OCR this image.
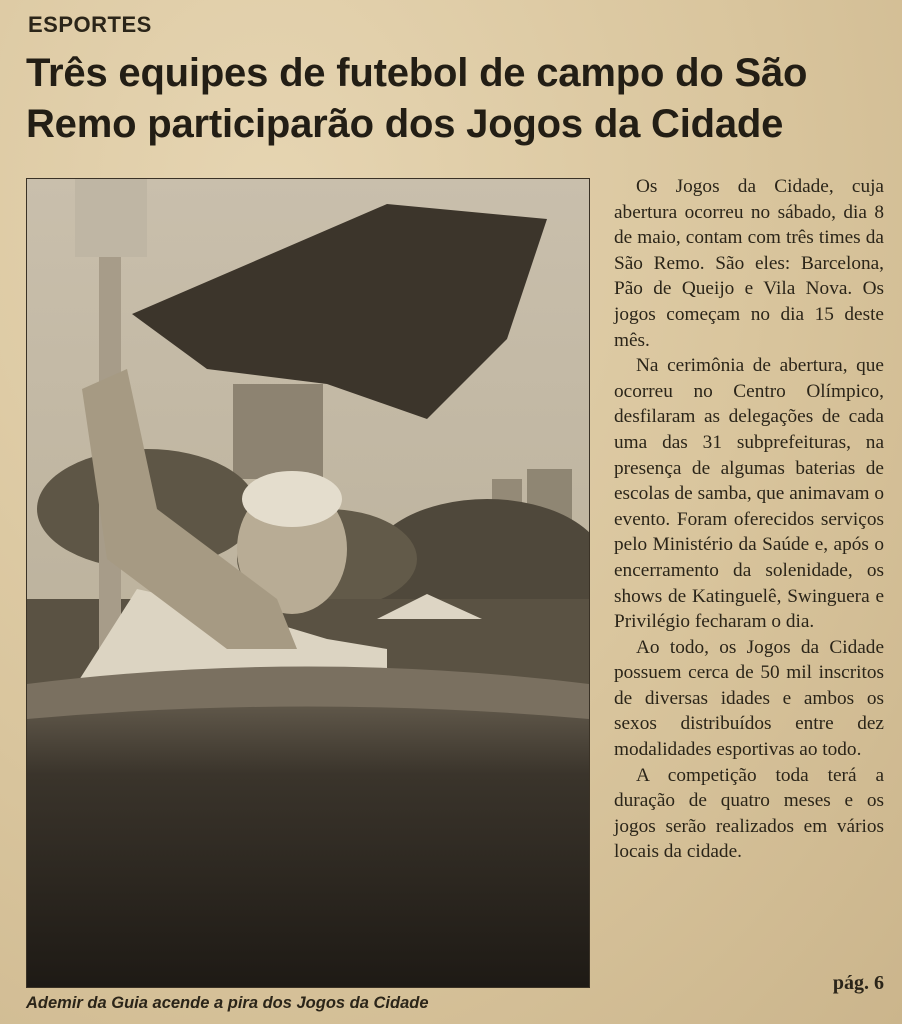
ESPORTES
Três equipes de futebol de campo do São Remo participarão dos Jogos da Cidade
Ademir da Guia acende a pira dos Jogos da Cidade

Os Jogos da Cidade, cuja abertura ocorreu no sábado, dia 8 de maio, contam com três times da São Remo. São eles: Barcelona, Pão de Queijo e Vila Nova. Os jogos começam no dia 15 deste mês.

Na cerimônia de abertura, que ocorreu no Centro Olímpico, desfilaram as delegações de cada uma das 31 subprefeituras, na presença de algumas baterias de escolas de samba, que animavam o evento. Foram oferecidos serviços pelo Ministério da Saúde e, após o encerramento da solenidade, os shows de Katinguelê, Swinguera e Privilégio fecharam o dia.

Ao todo, os Jogos da Cidade possuem cerca de 50 mil inscritos de diversas idades e ambos os sexos distribuídos entre dez modalidades esportivas ao todo.

A competição toda terá a duração de quatro meses e os jogos serão realizados em vários locais da cidade.

pág. 6
